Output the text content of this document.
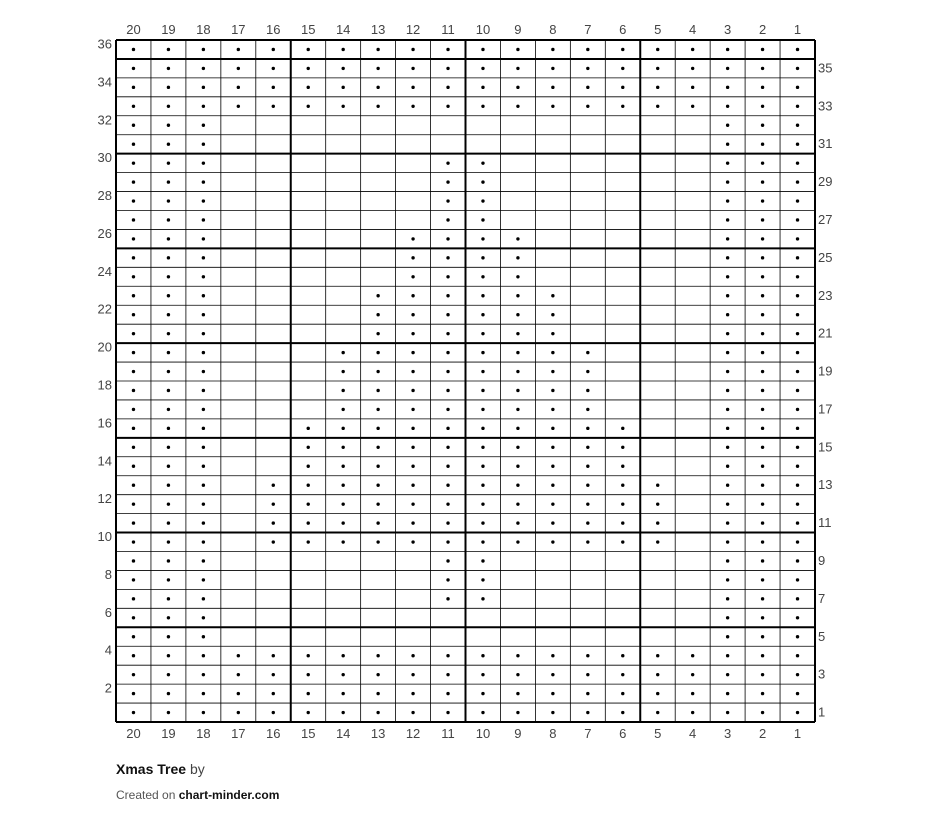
20
20
19
19
18
18
17
17
16
16
15
15
14
14
13
13
12
12
11
11
10
10
9
9
8
8
7
7
6
6
5
5
4
4
3
3
2
2
1
1
36
34
32
30
28
26
24
22
20
18
16
14
12
10
8
6
4
2
35
33
31
29
27
25
23
21
19
17
15
13
11
9
7
5
3
1
Xmas Tree by
Created on chart-minder.com
